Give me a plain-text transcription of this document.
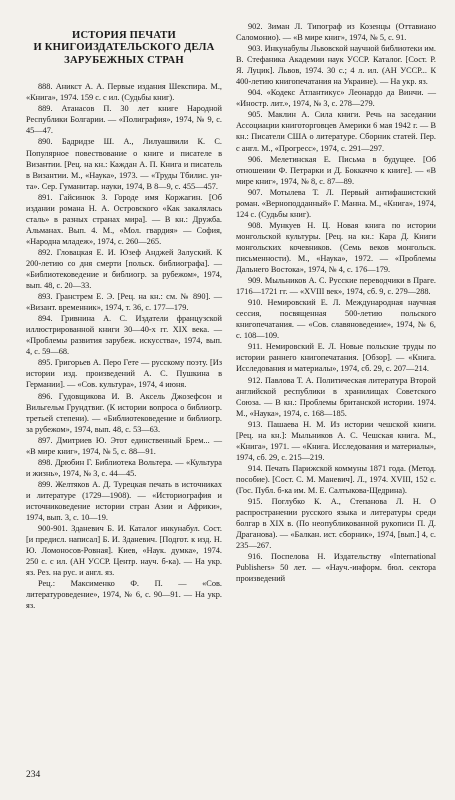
ИСТОРИЯ ПЕЧАТИ
И КНИГОИЗДАТЕЛЬСКОГО ДЕЛА
ЗАРУБЕЖНЫХ СТРАН

888. Аникст А. А. Первые издания Шекспира. М., «Книга», 1974. 159 с. с ил. (Судьбы книг).

889. Атанасов П. 30 лет книге Народной Республики Болгарии. — «Полиграфия», 1974, № 9, с. 45—47.

890. Бадридзе Ш. А., Лилуашвили К. С. Популярное повествование о книге и писателе в Византии. [Рец. на кн.: Каждан А. П. Книга и писатель в Византии. М., «Наука», 1973. — «Труды Тбилис. ун-та». Сер. Гуманитар. науки, 1974, В 8—9, с. 455—457.

891. Гайсинюк З. Городе имя Коржагин. [Об издании романа Н. А. Островского «Как закалялась сталь» в разных странах мира]. — В кн.: Дружба. Альманах. Вып. 4. М., «Мол. гвардия» — София, «Народна младеж», 1974, с. 260—265.

892. Гловацкая Е. И. Юзеф Анджей Залуский. К 200-летию со дня смерти [польск. библиографа]. — «Библиотековедение и библиогр. за рубежом», 1974, вып. 48, с. 20—33.

893. Гранстрем Е. Э. [Рец. на кн.: см. № 890]. — «Визант. временник», 1974, т. 36, с. 177—179.

894. Гривнина А. С. Издатели французской иллюстрированной книги 30—40-х гг. XIX века. — «Проблемы развития зарубеж. искусства», 1974, вып. 4, с. 59—68.

895. Григорьев А. Перо Гете — русскому поэту. [Из истории изд. произведений А. С. Пушкина в Германии]. — «Сов. культура», 1974, 4 июня.

896. Гудовщикова И. В. Аксель Джозефсон и Вильгельм Грундтвиг. (К истории вопроса о библиогр. третьей степени). — «Библиотековедение и библиогр. за рубежом», 1974, вып. 48, с. 53—63.

897. Дмитриев Ю. Этот единственный Брем... — «В мире книг», 1974, № 5, с. 88—91.

898. Дрюбин Г. Библиотека Вольтера. — «Культура и жизнь», 1974, № 3, с. 44—45.

899. Желтяков А. Д. Турецкая печать в источниках и литературе (1729—1908). — «Историография и источниковедение истории стран Азии и Африки», 1974, вып. 3, с. 10—19.

900-901. Зданевич Б. И. Каталог инкунабул. Сост. [и предисл. написал] Б. И. Зданевич. [Подгот. к изд. Н. Ю. Ломоносов-Ровная]. Киев, «Наук. думка», 1974. 250 с. с ил. (АН УССР. Центр. науч. б-ка). — На укр. яз. Рез. на рус. и англ. яз.

Рец.: Максименко Ф. П. — «Сов. литературоведение», 1974, № 6, с. 90—91. — На укр. яз.

902. Зиман Л. Типограф из Козенцы (Оттавиано Саломонио). — «В мире книг», 1974, № 5, с. 91.

903. Инкунабулы Львовской научной библиотеки им. В. Стефаника Академии наук УССР. Каталог. [Сост. Р. Я. Луцик]. Львов, 1974. 30 с.; 4 л. ил. (АН УССР... К 400-летию книгопечатания на Украине). — На укр. яз.

904. «Кодекс Атлантикус» Леонардо да Винчи. — «Иностр. лит.», 1974, № 3, с. 278—279.

905. Маклин А. Сила книги. Речь на заседании Ассоциации книготорговцев Америки 6 мая 1942 г. — В кн.: Писатели США о литературе. Сборник статей. Пер. с англ. М., «Прогресс», 1974, с. 291—297.

906. Мелетинская Е. Письма в будущее. [Об отношении Ф. Петрарки и Д. Боккаччо к книге]. — «В мире книг», 1974, № 8, с. 87—89.

907. Мотылева Т. Л. Первый антифашистский роман. «Верноподданный» Г. Манна. М., «Книга», 1974, 124 с. (Судьбы книг).

908. Мункуев Н. Ц. Новая книга по истории монгольской культуры. [Рец. на кн.: Кара Д. Книги монгольских кочевников. (Семь веков монгольск. письменности). М., «Наука», 1972. — «Проблемы Дальнего Востока», 1974, № 4, с. 176—179.

909. Мыльников А. С. Русские переводчики в Праге. 1716—1721 гг. — «XVIII век», 1974, сб. 9, с. 279—288.

910. Немировский Е. Л. Международная научная сессия, посвященная 500-летию польского книгопечатания. — «Сов. славяноведение», 1974, № 6, с. 108—109.

911. Немировский Е. Л. Новые польские труды по истории раннего книгопечатания. [Обзор]. — «Книга. Исследования и материалы», 1974, сб. 29, с. 207—214.

912. Павлова Т. А. Политическая литература Второй английской республики в хранилищах Советского Союза. — В кн.: Проблемы британской истории. 1974. М., «Наука», 1974, с. 168—185.

913. Пашаева Н. М. Из истории чешской книги. [Рец. на кн.]: Мыльников А. С. Чешская книга. М., «Книга», 1971. — «Книга. Исследования и материалы», 1974, сб. 29, с. 215—219.

914. Печать Парижской коммуны 1871 года. (Метод. пособие). [Сост. С. М. Маневич]. Л., 1974. XVIII, 152 с. (Гос. Публ. б-ка им. М. Е. Салтыкова-Щедрина).

915. Поглубко К. А., Степанова Л. Н. О распространении русского языка и литературы среди болгар в XIX в. (По неопубликованной рукописи П. Д. Драганова). — «Балкан. ист. сборник», 1974, [вып.] 4, с. 235—267.

916. Поспелова Н. Издательству «International Publishers» 50 лет. — «Науч.-информ. бюл. сектора произведений

234
